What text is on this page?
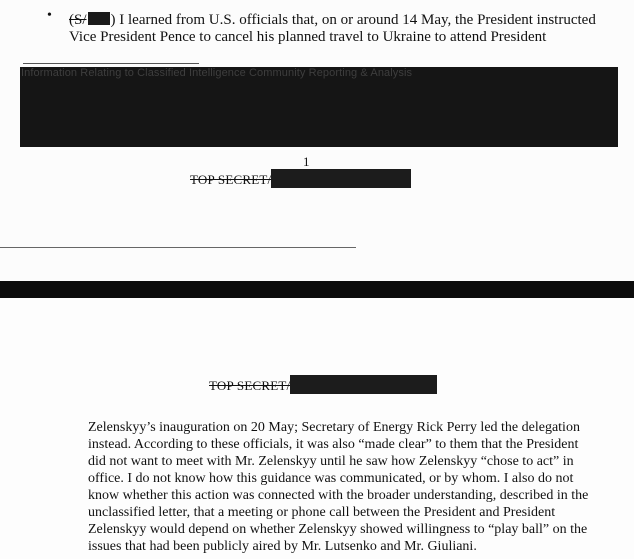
• (S/ ) I learned from U.S. officials that, on or around 14 May, the President instructed
Vice President Pence to cancel his planned travel to Ukraine to attend President
Information Relating to Classified Intelligence Community Reporting & Analysis
1
TOP SECRET/
TOP SECRET/
Zelenskyy’s inauguration on 20 May; Secretary of Energy Rick Perry led the delegation
instead. According to these officials, it was also “made clear” to them that the President
did not want to meet with Mr. Zelenskyy until he saw how Zelenskyy “chose to act” in
office. I do not know how this guidance was communicated, or by whom. I also do not
know whether this action was connected with the broader understanding, described in the
unclassified letter, that a meeting or phone call between the President and President
Zelenskyy would depend on whether Zelenskyy showed willingness to “play ball” on the
issues that had been publicly aired by Mr. Lutsenko and Mr. Giuliani.
